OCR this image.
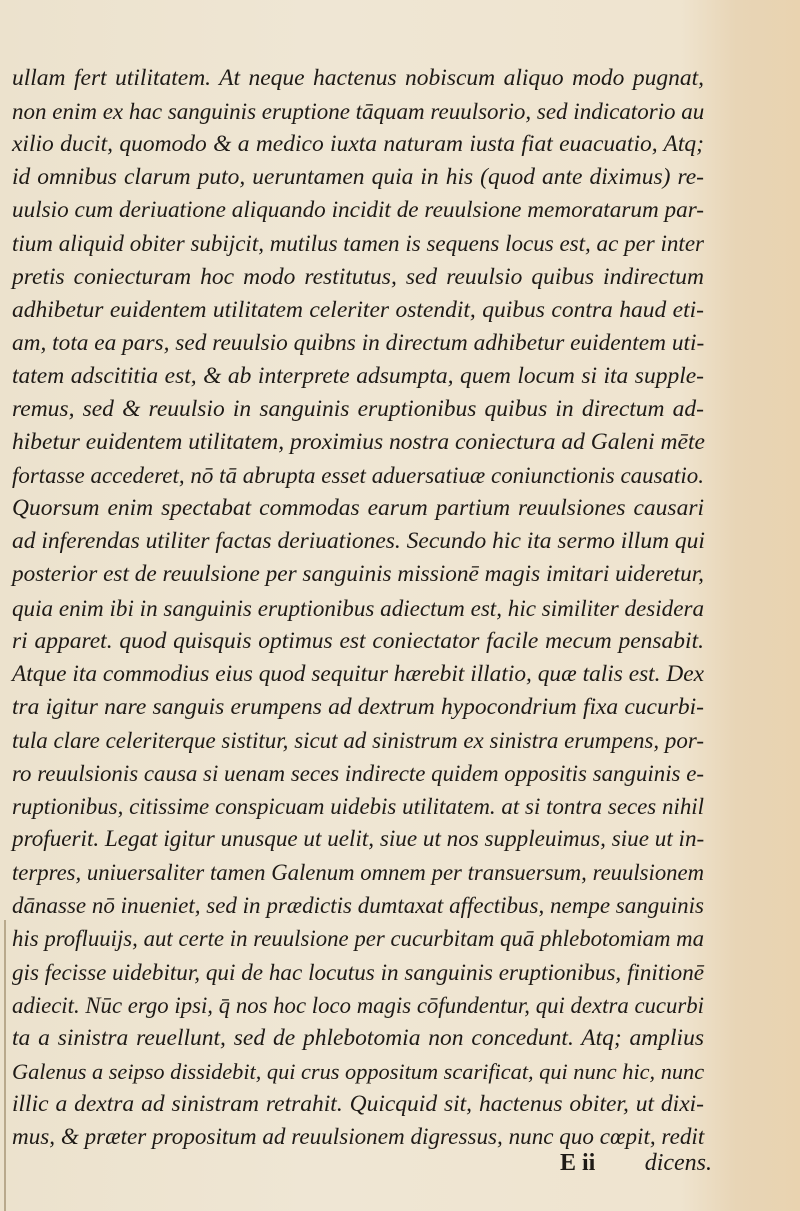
ullam fert utilitatem. At neque hactenus nobiscum aliquo modo pugnat,
non enim ex hac sanguinis eruptione tāquam reuulsorio, sed indicatorio au
xilio ducit, quomodo & a medico iuxta naturam iusta fiat euacuatio, Atq;
id omnibus clarum puto, ueruntamen quia in his (quod ante diximus) re-
uulsio cum deriuatione aliquando incidit de reuulsione memoratarum par-
tium aliquid obiter subijcit, mutilus tamen is sequens locus est, ac per inter
pretis coniecturam hoc modo restitutus, sed reuulsio quibus indirectum
adhibetur euidentem utilitatem celeriter ostendit, quibus contra haud eti-
am, tota ea pars, sed reuulsio quibns in directum adhibetur euidentem uti-
tatem adscititia est, & ab interprete adsumpta, quem locum si ita supple-
remus, sed & reuulsio in sanguinis eruptionibus quibus in directum ad-
hibetur euidentem utilitatem, proximius nostra coniectura ad Galeni mēte
fortasse accederet, nō tā abrupta esset aduersatiuæ coniunctionis causatio.
Quorsum enim spectabat commodas earum partium reuulsiones causari
ad inferendas utiliter factas deriuationes. Secundo hic ita sermo illum qui
posterior est de reuulsione per sanguinis missionē magis imitari uideretur,
quia enim ibi in sanguinis eruptionibus adiectum est, hic similiter desidera
ri apparet. quod quisquis optimus est coniectator facile mecum pensabit.
Atque ita commodius eius quod sequitur hærebit illatio, quæ talis est. Dex
tra igitur nare sanguis erumpens ad dextrum hypocondrium fixa cucurbi-
tula clare celeriterque sistitur, sicut ad sinistrum ex sinistra erumpens, por-
ro reuulsionis causa si uenam seces indirecte quidem oppositis sanguinis e-
ruptionibus, citissime conspicuam uidebis utilitatem. at si tontra seces nihil
profuerit. Legat igitur unusque ut uelit, siue ut nos suppleuimus, siue ut in-
terpres, uniuersaliter tamen Galenum omnem per transuersum, reuulsionem
dānasse nō inueniet, sed in prædictis dumtaxat affectibus, nempe sanguinis
his profluuijs, aut certe in reuulsione per cucurbitam quā phlebotomiam ma
gis fecisse uidebitur, qui de hac locutus in sanguinis eruptionibus, finitionē
adiecit. Nūc ergo ipsi, q̄ nos hoc loco magis cōfundentur, qui dextra cucurbi
ta a sinistra reuellunt, sed de phlebotomia non concedunt. Atq; amplius
Galenus a seipso dissidebit, qui crus oppositum scarificat, qui nunc hic, nunc
illic a dextra ad sinistram retrahit. Quicquid sit, hactenus obiter, ut dixi-
mus, & præter propositum ad reuulsionem digressus, nunc quo cœpit, redit
E ii dicens.
